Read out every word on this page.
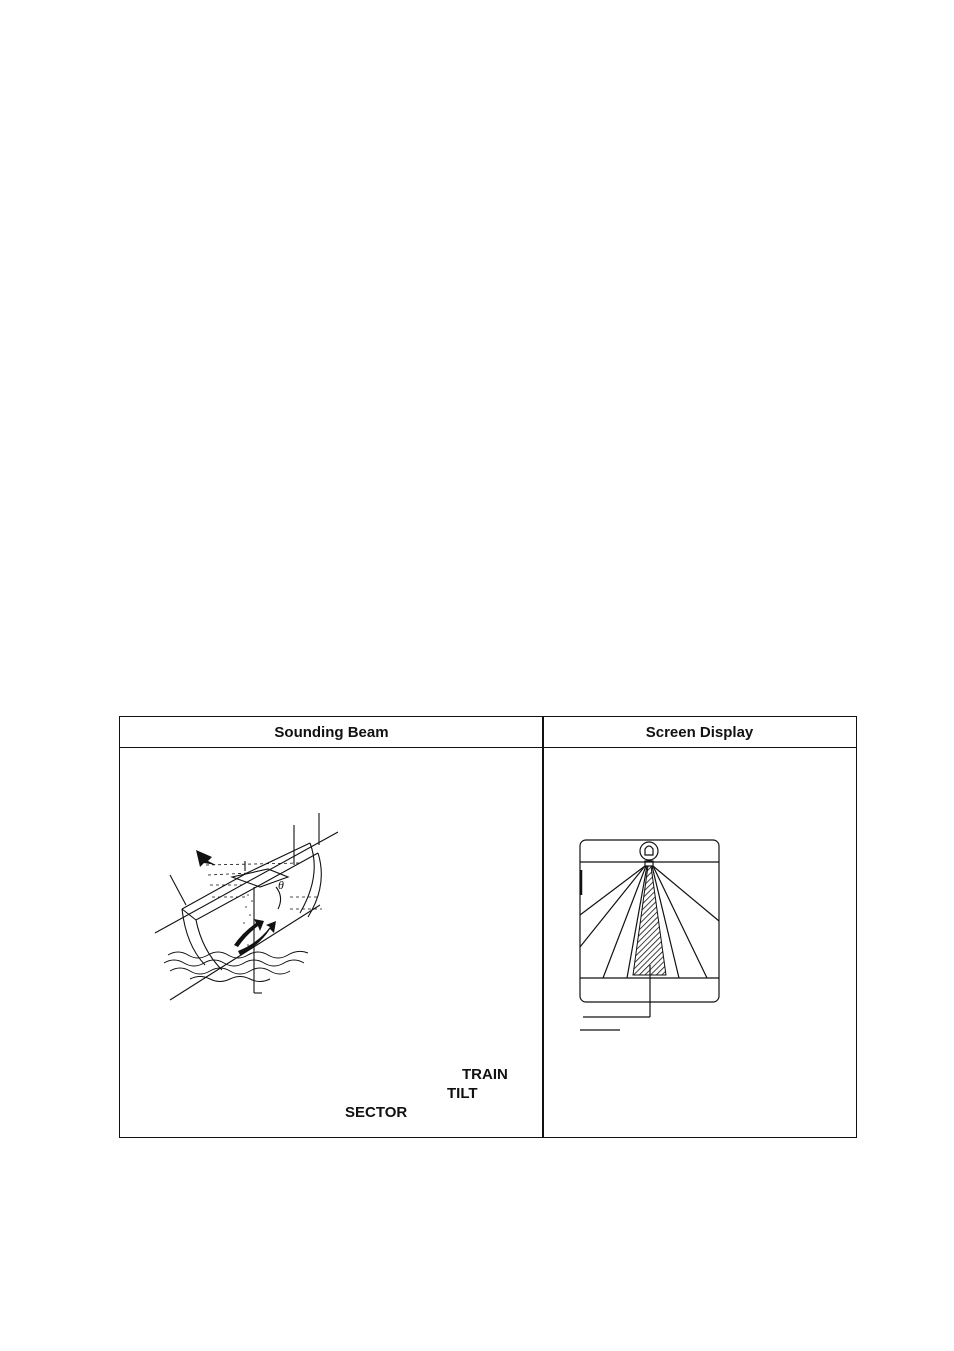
Sounding Beam	Screen Display
θ
TRAIN
TILT
SECTOR
